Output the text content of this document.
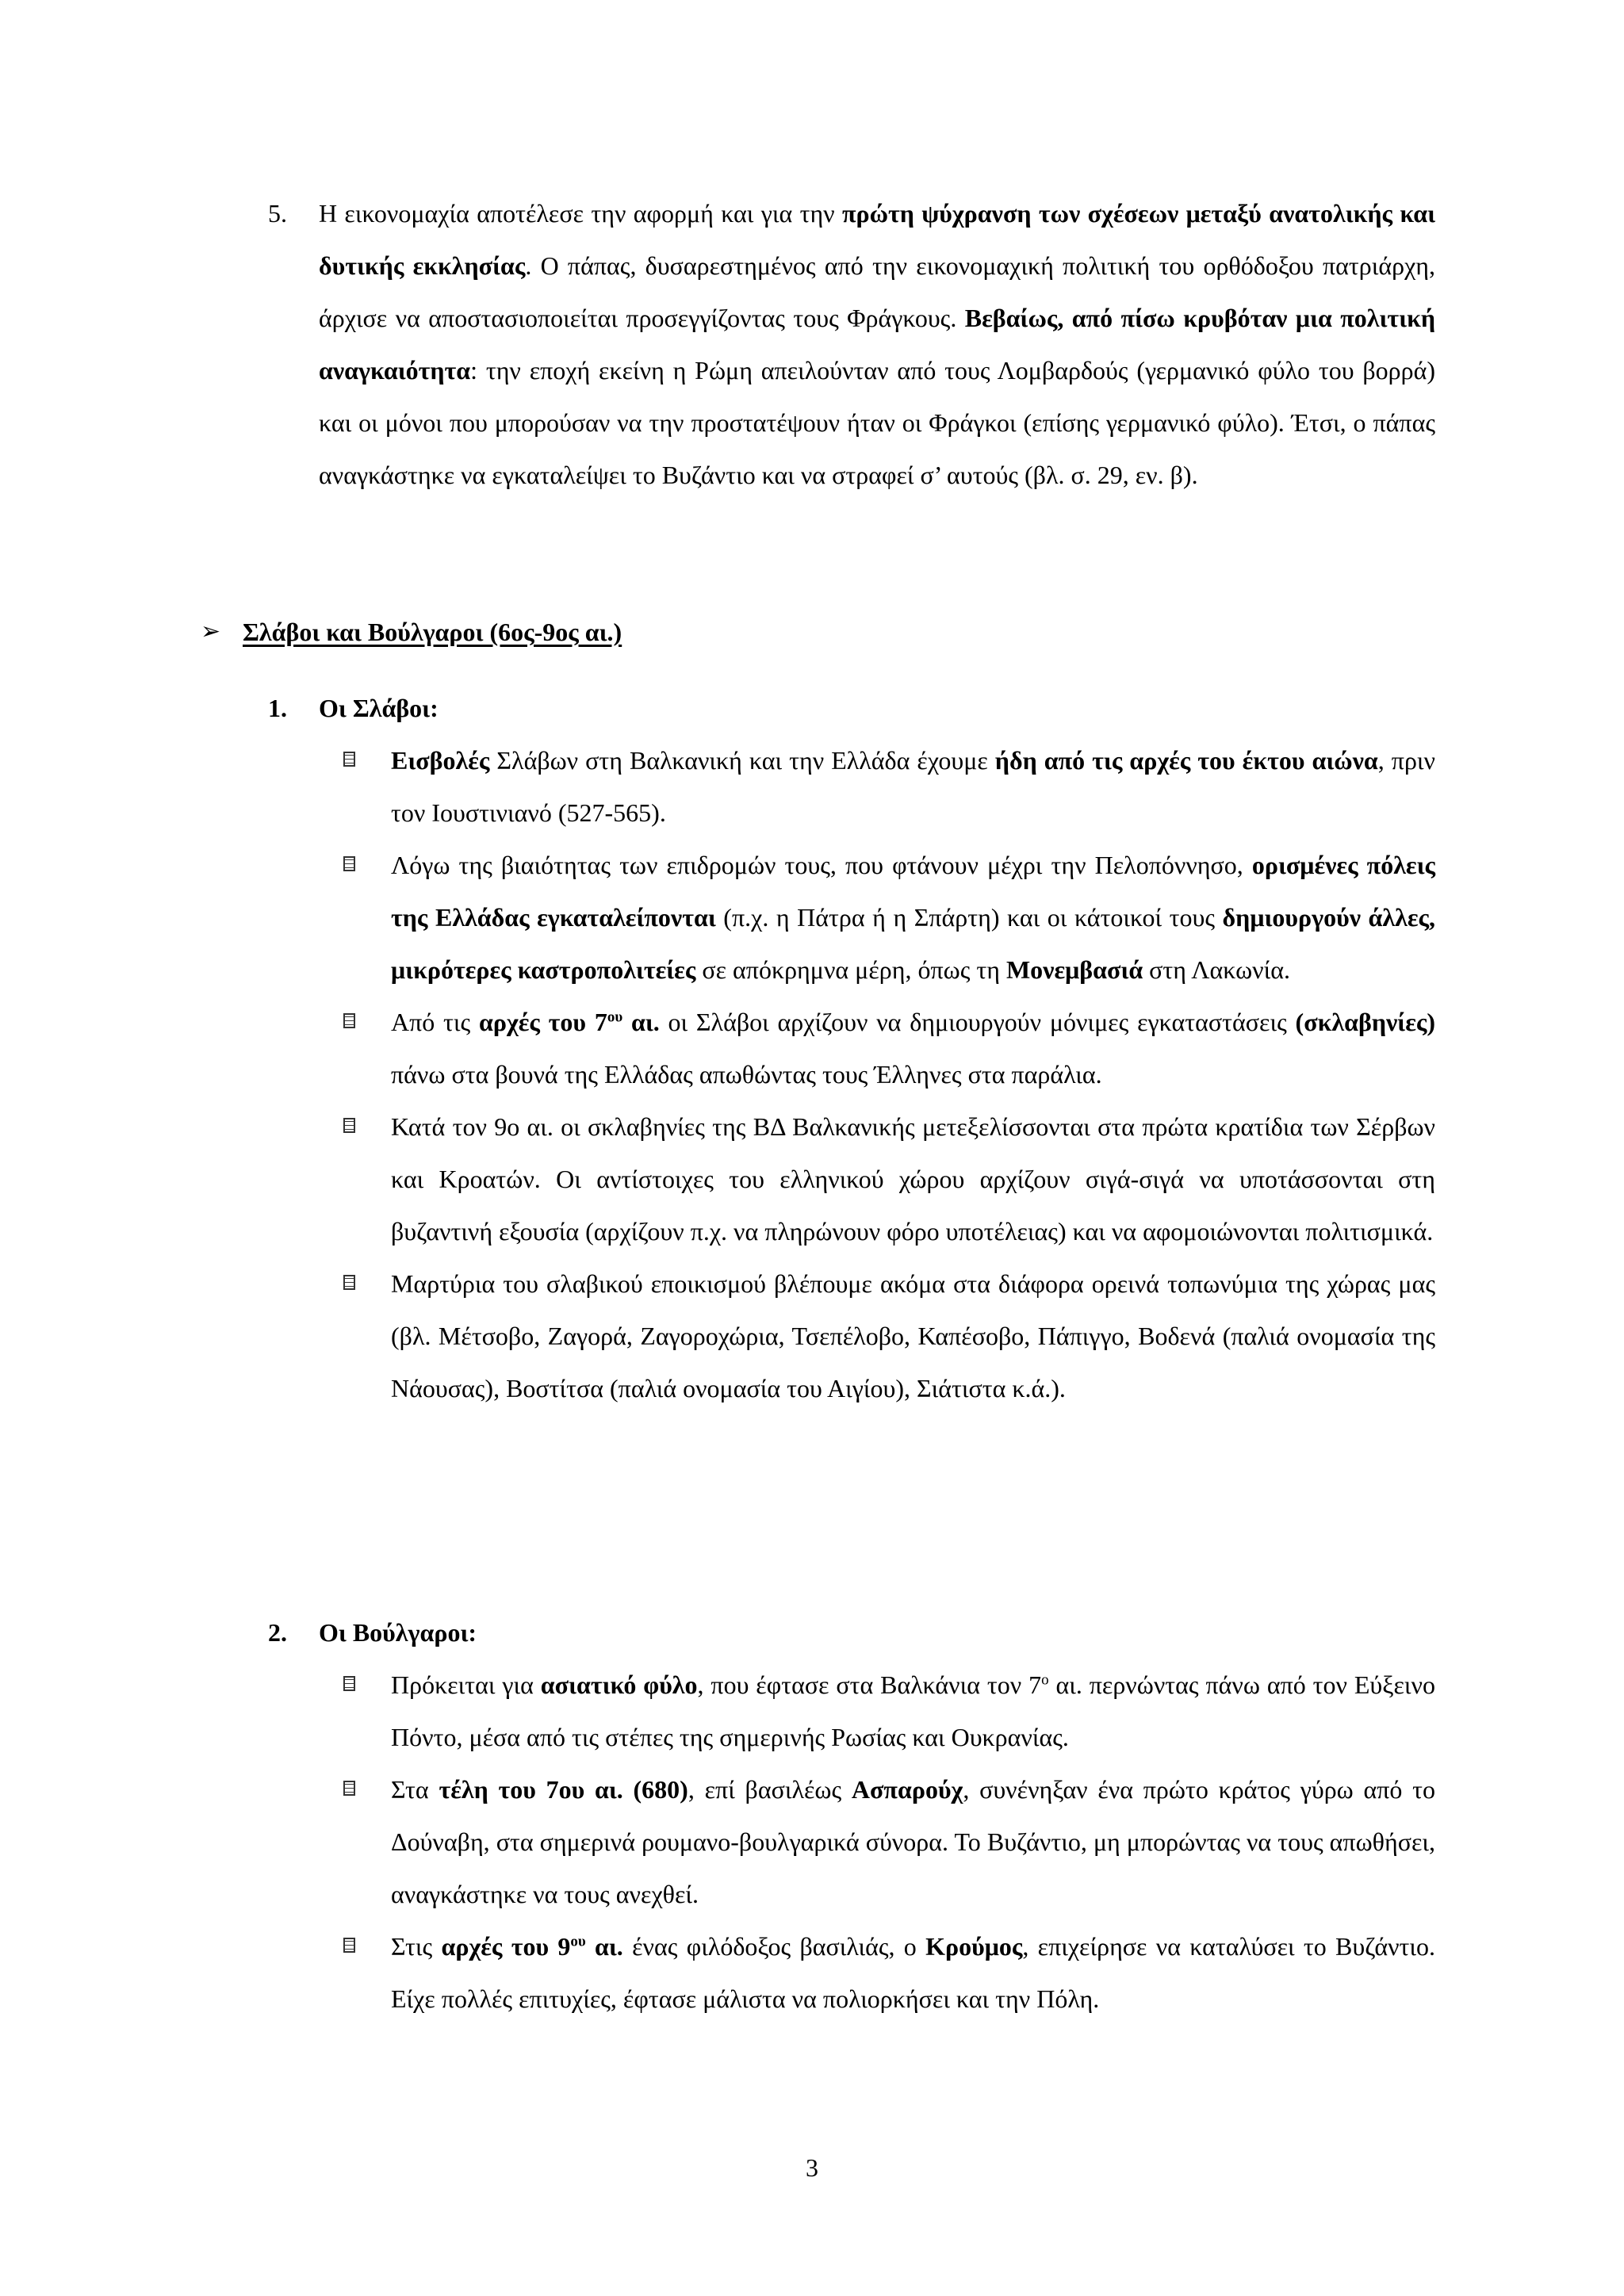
5. Η εικονομαχία αποτέλεσε την αφορμή και για την πρώτη ψύχρανση των σχέσεων μεταξύ ανατολικής και δυτικής εκκλησίας. Ο πάπας, δυσαρεστημένος από την εικονομαχική πολιτική του ορθόδοξου πατριάρχη, άρχισε να αποστασιοποιείται προσεγγίζοντας τους Φράγκους. Βεβαίως, από πίσω κρυβόταν μια πολιτική αναγκαιότητα: την εποχή εκείνη η Ρώμη απειλούνταν από τους Λομβαρδούς (γερμανικό φύλο του βορρά) και οι μόνοι που μπορούσαν να την προστατέψουν ήταν οι Φράγκοι (επίσης γερμανικό φύλο). Έτσι, ο πάπας αναγκάστηκε να εγκαταλείψει το Βυζάντιο και να στραφεί σ’ αυτούς (βλ. σ. 29, εν. β).
➢ Σλάβοι και Βούλγαροι (6ος-9ος αι.)
1. Οι Σλάβοι:
Εισβολές Σλάβων στη Βαλκανική και την Ελλάδα έχουμε ήδη από τις αρχές του έκτου αιώνα, πριν τον Ιουστινιανό (527-565).
Λόγω της βιαιότητας των επιδρομών τους, που φτάνουν μέχρι την Πελοπόννησο, ορισμένες πόλεις της Ελλάδας εγκαταλείπονται (π.χ. η Πάτρα ή η Σπάρτη) και οι κάτοικοί τους δημιουργούν άλλες, μικρότερες καστροπολιτείες σε απόκρημνα μέρη, όπως τη Μονεμβασιά στη Λακωνία.
Από τις αρχές του $7^{o\upsilon}$ αι. οι Σλάβοι αρχίζουν να δημιουργούν μόνιμες εγκαταστάσεις (σκλαβηνίες) πάνω στα βουνά της Ελλάδας απωθώντας τους Έλληνες στα παράλια.
Κατά τον 9ο αι. οι σκλαβηνίες της ΒΔ Βαλκανικής μετεξελίσσονται στα πρώτα κρατίδια των Σέρβων και Κροατών. Οι αντίστοιχες του ελληνικού χώρου αρχίζουν σιγά-σιγά να υποτάσσονται στη βυζαντινή εξουσία (αρχίζουν π.χ. να πληρώνουν φόρο υποτέλειας) και να αφομοιώνονται πολιτισμικά.
Μαρτύρια του σλαβικού εποικισμού βλέπουμε ακόμα στα διάφορα ορεινά τοπωνύμια της χώρας μας (βλ. Μέτσοβο, Ζαγορά, Ζαγοροχώρια, Τσεπέλοβο, Καπέσοβο, Πάπιγγο, Βοδενά (παλιά ονομασία της Νάουσας), Βοστίτσα (παλιά ονομασία του Αιγίου), Σιάτιστα κ.ά.).
2. Οι Βούλγαροι:
Πρόκειται για ασιατικό φύλο, που έφτασε στα Βαλκάνια τον $7^o$ αι. περνώντας πάνω από τον Εύξεινο Πόντο, μέσα από τις στέπες της σημερινής Ρωσίας και Ουκρανίας.
Στα τέλη του 7ου αι. (680), επί βασιλέως Ασπαρούχ, συνένηξαν ένα πρώτο κράτος γύρω από το Δούναβη, στα σημερινά ρουμανο-βουλγαρικά σύνορα. Το Βυζάντιο, μη μπορώντας να τους απωθήσει, αναγκάστηκε να τους ανεχθεί.
Στις αρχές του $9^{o\upsilon}$ αι. ένας φιλόδοξος βασιλιάς, ο Κρούμος, επιχείρησε να καταλύσει το Βυζάντιο. Είχε πολλές επιτυχίες, έφτασε μάλιστα να πολιορκήσει και την Πόλη.
3
